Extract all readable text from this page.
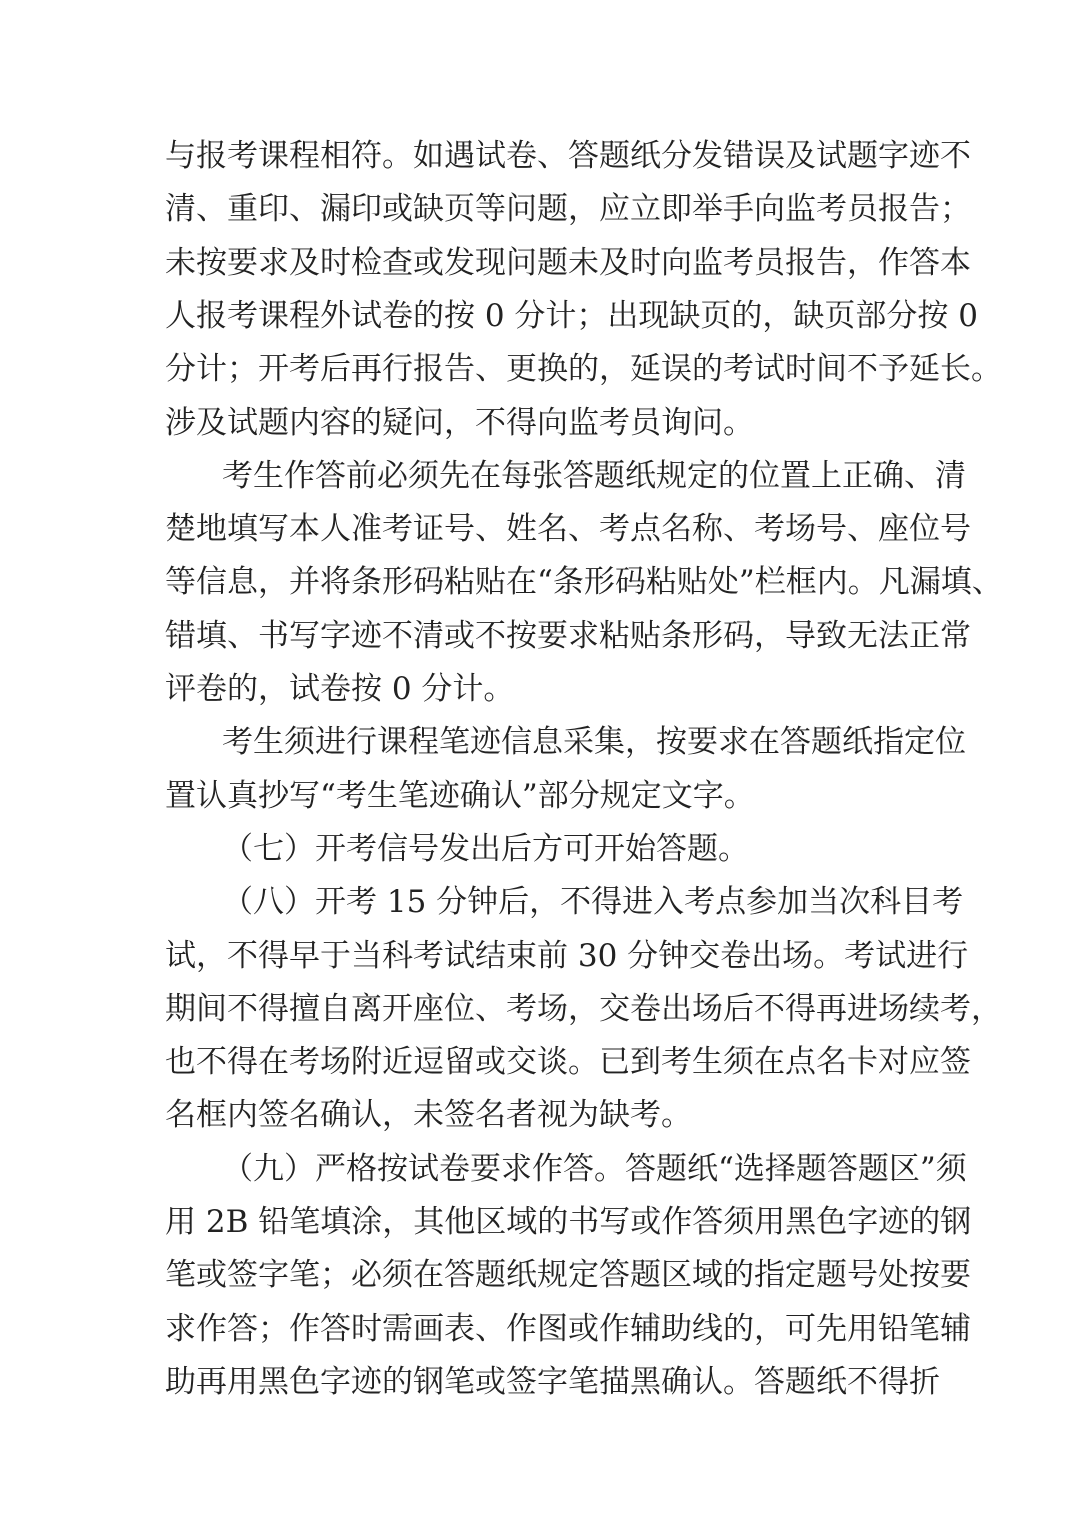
与报考课程相符。如遇试卷、答题纸分发错误及试题字迹不
清、重印、漏印或缺页等问题，应立即举手向监考员报告；
未按要求及时检查或发现问题未及时向监考员报告，作答本
人报考课程外试卷的按 0 分计；出现缺页的，缺页部分按 0
分计；开考后再行报告、更换的，延误的考试时间不予延长。
涉及试题内容的疑问，不得向监考员询问。
考生作答前必须先在每张答题纸规定的位置上正确、清
楚地填写本人准考证号、姓名、考点名称、考场号、座位号
等信息，并将条形码粘贴在“条形码粘贴处”栏框内。凡漏填、
错填、书写字迹不清或不按要求粘贴条形码，导致无法正常
评卷的，试卷按 0 分计。
考生须进行课程笔迹信息采集，按要求在答题纸指定位
置认真抄写“考生笔迹确认”部分规定文字。
（七）开考信号发出后方可开始答题。
（八）开考 15 分钟后，不得进入考点参加当次科目考
试，不得早于当科考试结束前 30 分钟交卷出场。考试进行
期间不得擅自离开座位、考场，交卷出场后不得再进场续考，
也不得在考场附近逗留或交谈。已到考生须在点名卡对应签
名框内签名确认，未签名者视为缺考。
（九）严格按试卷要求作答。答题纸“选择题答题区”须
用 2B 铅笔填涂，其他区域的书写或作答须用黑色字迹的钢
笔或签字笔；必须在答题纸规定答题区域的指定题号处按要
求作答；作答时需画表、作图或作辅助线的，可先用铅笔辅
助再用黑色字迹的钢笔或签字笔描黑确认。答题纸不得折
